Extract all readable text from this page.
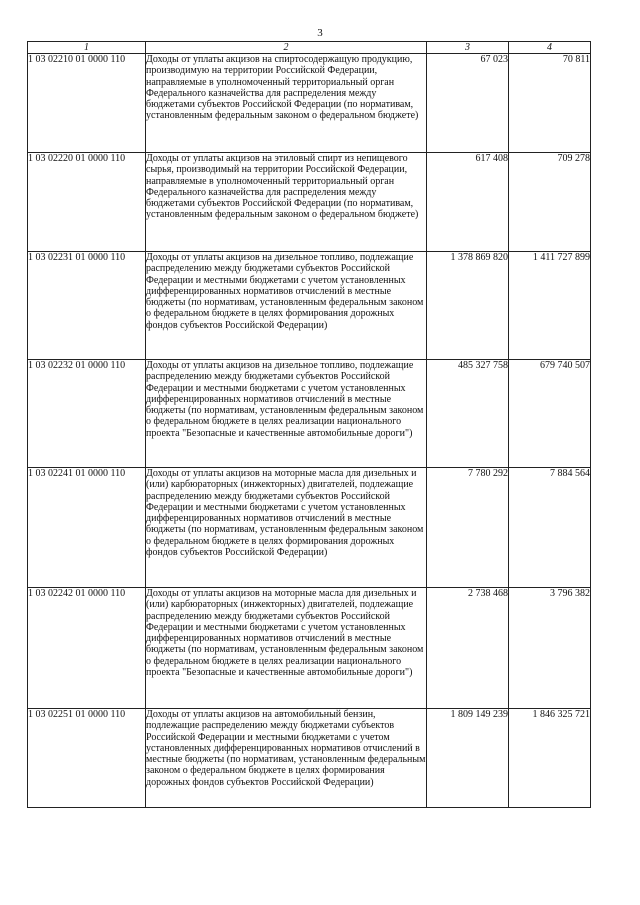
3
1	2	3	4
1 03 02210 01 0000 110	Доходы от уплаты акцизов на спиртосодержащую продукцию, производимую на территории Российской Федерации, направляемые в уполномоченный территориальный орган Федерального казначейства для распределения между бюджетами субъектов Российской Федерации (по нормативам, установленным федеральным законом о федеральном бюджете)	67 023	70 811
1 03 02220 01 0000 110	Доходы от уплаты акцизов на этиловый спирт из непищевого сырья, производимый на территории Российской Федерации, направляемые в уполномоченный территориальный орган Федерального казначейства для распределения между бюджетами субъектов Российской Федерации (по нормативам, установленным федеральным законом о федеральном бюджете)	617 408	709 278
1 03 02231 01 0000 110	Доходы от уплаты акцизов на дизельное топливо, подлежащие распределению между бюджетами субъектов Российской Федерации и местными бюджетами с учетом установленных дифференцированных нормативов отчислений в местные бюджеты (по нормативам, установленным федеральным законом о федеральном бюджете в целях формирования дорожных фондов субъектов Российской Федерации)	1 378 869 820	1 411 727 899
1 03 02232 01 0000 110	Доходы от уплаты акцизов на дизельное топливо, подлежащие распределению между бюджетами субъектов Российской Федерации и местными бюджетами с учетом установленных дифференцированных нормативов отчислений в местные бюджеты (по нормативам, установленным федеральным законом о федеральном бюджете в целях реализации национального проекта "Безопасные и качественные автомобильные дороги")	485 327 758	679 740 507
1 03 02241 01 0000 110	Доходы от уплаты акцизов на моторные масла для дизельных и (или) карбюраторных (инжекторных) двигателей, подлежащие распределению между бюджетами субъектов Российской Федерации и местными бюджетами с учетом установленных дифференцированных нормативов отчислений в местные бюджеты (по нормативам, установленным федеральным законом о федеральном бюджете в целях формирования дорожных фондов субъектов Российской Федерации)	7 780 292	7 884 564
1 03 02242 01 0000 110	Доходы от уплаты акцизов на моторные масла для дизельных и (или) карбюраторных (инжекторных) двигателей, подлежащие распределению между бюджетами субъектов Российской Федерации и местными бюджетами с учетом установленных дифференцированных нормативов отчислений в местные бюджеты (по нормативам, установленным федеральным законом о федеральном бюджете в целях реализации национального проекта "Безопасные и качественные автомобильные дороги")	2 738 468	3 796 382
1 03 02251 01 0000 110	Доходы от уплаты акцизов на автомобильный бензин, подлежащие распределению между бюджетами субъектов Российской Федерации и местными бюджетами с учетом установленных дифференцированных нормативов отчислений в местные бюджеты (по нормативам, установленным федеральным законом о федеральном бюджете в целях формирования дорожных фондов субъектов Российской Федерации)	1 809 149 239	1 846 325 721
